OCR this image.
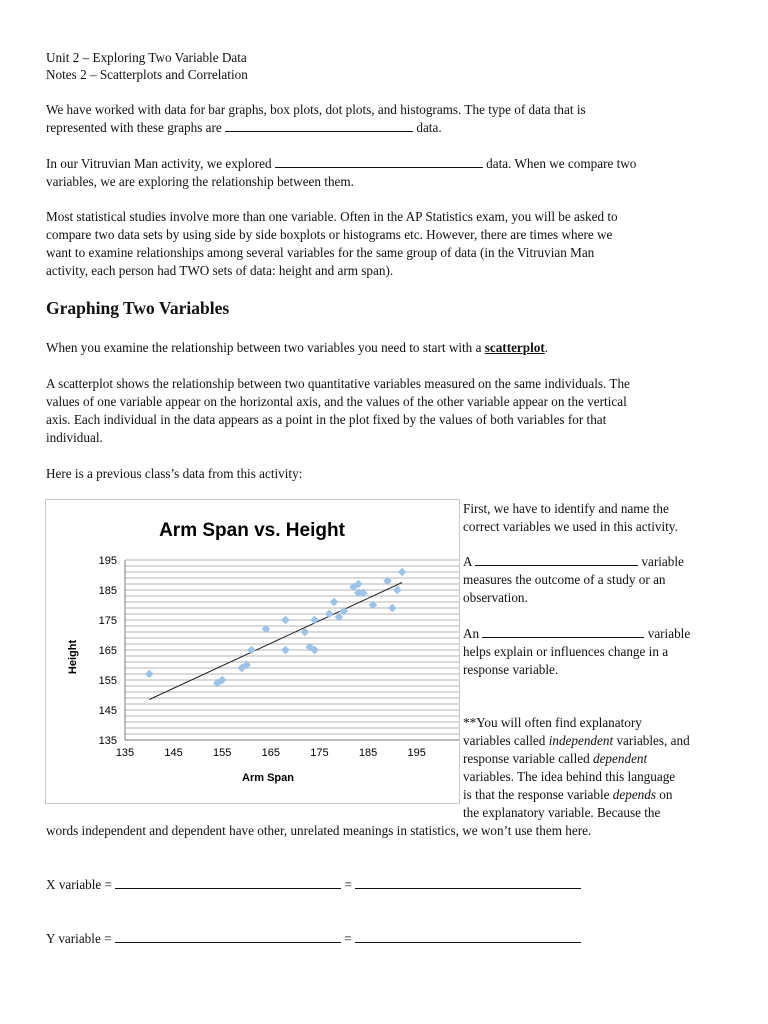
Unit 2 – Exploring Two Variable Data
Notes 2 – Scatterplots and Correlation
We have worked with data for bar graphs, box plots, dot plots, and histograms. The type of data that is
represented with these graphs are	data.
In our Vitruvian Man activity, we explored	data. When we compare two
variables, we are exploring the relationship between them.
Most statistical studies involve more than one variable. Often in the AP Statistics exam, you will be asked to
compare two data sets by using side by side boxplots or histograms etc. However, there are times where we
want to examine relationships among several variables for the same group of data (in the Vitruvian Man
activity, each person had TWO sets of data: height and arm span).
Graphing Two Variables
When you examine the relationship between two variables you need to start with a scatterplot.
A scatterplot shows the relationship between two quantitative variables measured on the same individuals. The
values of one variable appear on the horizontal axis, and the values of the other variable appear on the vertical
axis. Each individual in the data appears as a point in the plot fixed by the values of both variables for that
individual.
Here is a previous class’s data from this activity:
Arm Span vs. Height
135
145
155
165
175
185
195
135	145	155	165	175	185	195
Arm Span
Height
First, we have to identify and name the
correct variables we used in this activity.
A	variable
measures the outcome of a study or an
observation.
An	variable
helps explain or influences change in a
response variable.
**You will often find explanatory
variables called independent variables, and
response variable called dependent
variables. The idea behind this language
is that the response variable depends on
the explanatory variable. Because the
words independent and dependent have other, unrelated meanings in statistics, we won’t use them here.
X variable =	=
Y variable =	=
